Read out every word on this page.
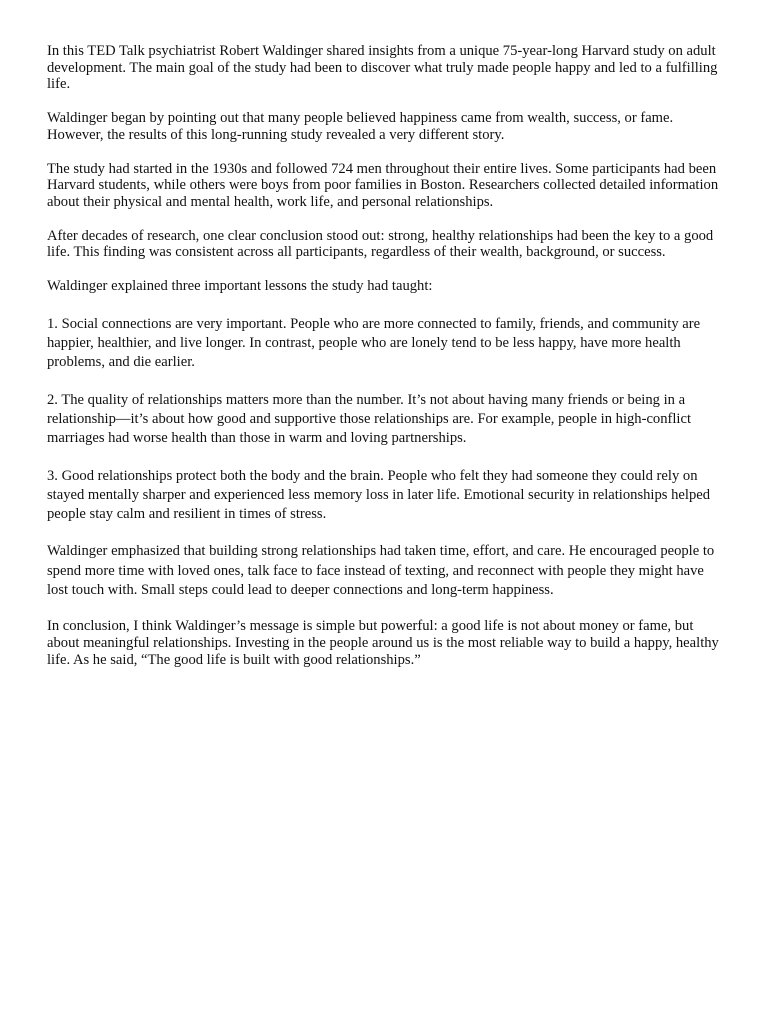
In this TED Talk psychiatrist Robert Waldinger shared insights from a unique 75-year-long Harvard study on adult development. The main goal of the study had been to discover what truly made people happy and led to a fulfilling life.

Waldinger began by pointing out that many people believed happiness came from wealth, success, or fame. However, the results of this long-running study revealed a very different story.

The study had started in the 1930s and followed 724 men throughout their entire lives. Some participants had been Harvard students, while others were boys from poor families in Boston. Researchers collected detailed information about their physical and mental health, work life, and personal relationships.

After decades of research, one clear conclusion stood out: strong, healthy relationships had been the key to a good life. This finding was consistent across all participants, regardless of their wealth, background, or success.

Waldinger explained three important lessons the study had taught:

1. Social connections are very important. People who are more connected to family, friends, and community are happier, healthier, and live longer. In contrast, people who are lonely tend to be less happy, have more health problems, and die earlier.

2. The quality of relationships matters more than the number. It’s not about having many friends or being in a relationship—it’s about how good and supportive those relationships are. For example, people in high-conflict marriages had worse health than those in warm and loving partnerships.

3. Good relationships protect both the body and the brain. People who felt they had someone they could rely on stayed mentally sharper and experienced less memory loss in later life. Emotional security in relationships helped people stay calm and resilient in times of stress.

Waldinger emphasized that building strong relationships had taken time, effort, and care. He encouraged people to spend more time with loved ones, talk face to face instead of texting, and reconnect with people they might have lost touch with. Small steps could lead to deeper connections and long-term happiness.

In conclusion, I think Waldinger’s message is simple but powerful: a good life is not about money or fame, but about meaningful relationships. Investing in the people around us is the most reliable way to build a happy, healthy life. As he said, “The good life is built with good relationships.”
